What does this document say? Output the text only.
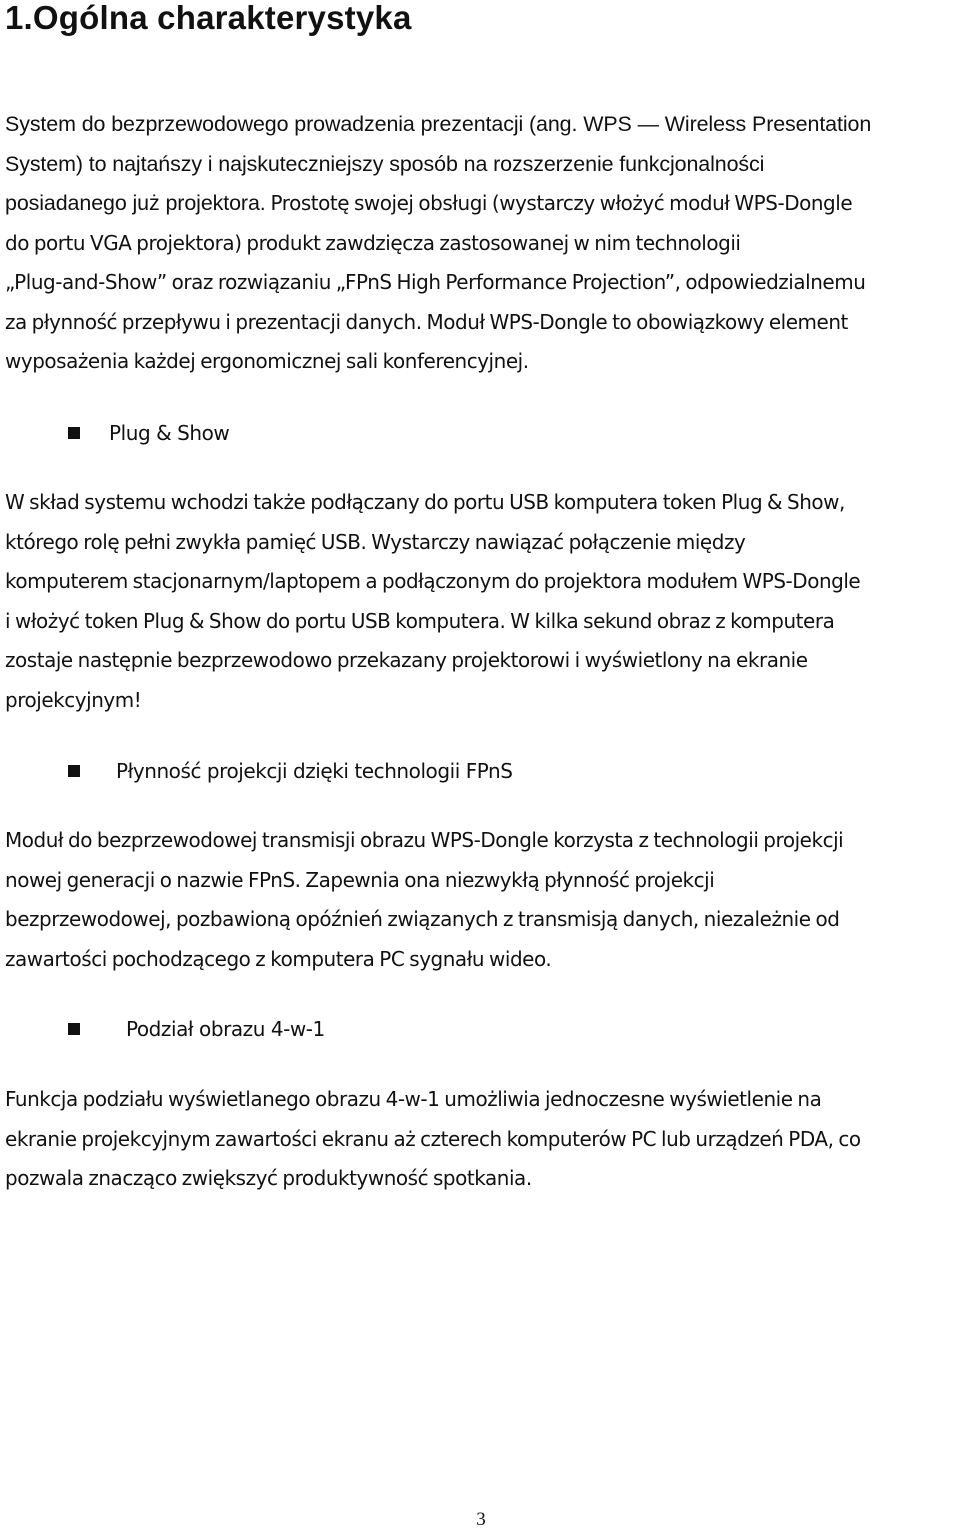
1.Ogólna charakterystyka
System do bezprzewodowego prowadzenia prezentacji (ang. WPS — Wireless Presentation
System) to najtańszy i najskuteczniejszy sposób na rozszerzenie funkcjonalności
posiadanego już projektora. Prostotę swojej obsługi (wystarczy włożyć moduł WPS-Dongle
do portu VGA projektora) produkt zawdzięcza zastosowanej w nim technologii
„Plug-and-Show” oraz rozwiązaniu „FPnS High Performance Projection”, odpowiedzialnemu
za płynność przepływu i prezentacji danych. Moduł WPS-Dongle to obowiązkowy element
wyposażenia każdej ergonomicznej sali konferencyjnej.
Plug & Show
W skład systemu wchodzi także podłączany do portu USB komputera token Plug & Show,
którego rolę pełni zwykła pamięć USB. Wystarczy nawiązać połączenie między
komputerem stacjonarnym/laptopem a podłączonym do projektora modułem WPS-Dongle
i włożyć token Plug & Show do portu USB komputera. W kilka sekund obraz z komputera
zostaje następnie bezprzewodowo przekazany projektorowi i wyświetlony na ekranie
projekcyjnym!
Płynność projekcji dzięki technologii FPnS
Moduł do bezprzewodowej transmisji obrazu WPS-Dongle korzysta z technologii projekcji
nowej generacji o nazwie FPnS. Zapewnia ona niezwykłą płynność projekcji
bezprzewodowej, pozbawioną opóźnień związanych z transmisją danych, niezależnie od
zawartości pochodzącego z komputera PC sygnału wideo.
Podział obrazu 4-w-1
Funkcja podziału wyświetlanego obrazu 4-w-1 umożliwia jednoczesne wyświetlenie na
ekranie projekcyjnym zawartości ekranu aż czterech komputerów PC lub urządzeń PDA, co
pozwala znacząco zwiększyć produktywność spotkania.
3
